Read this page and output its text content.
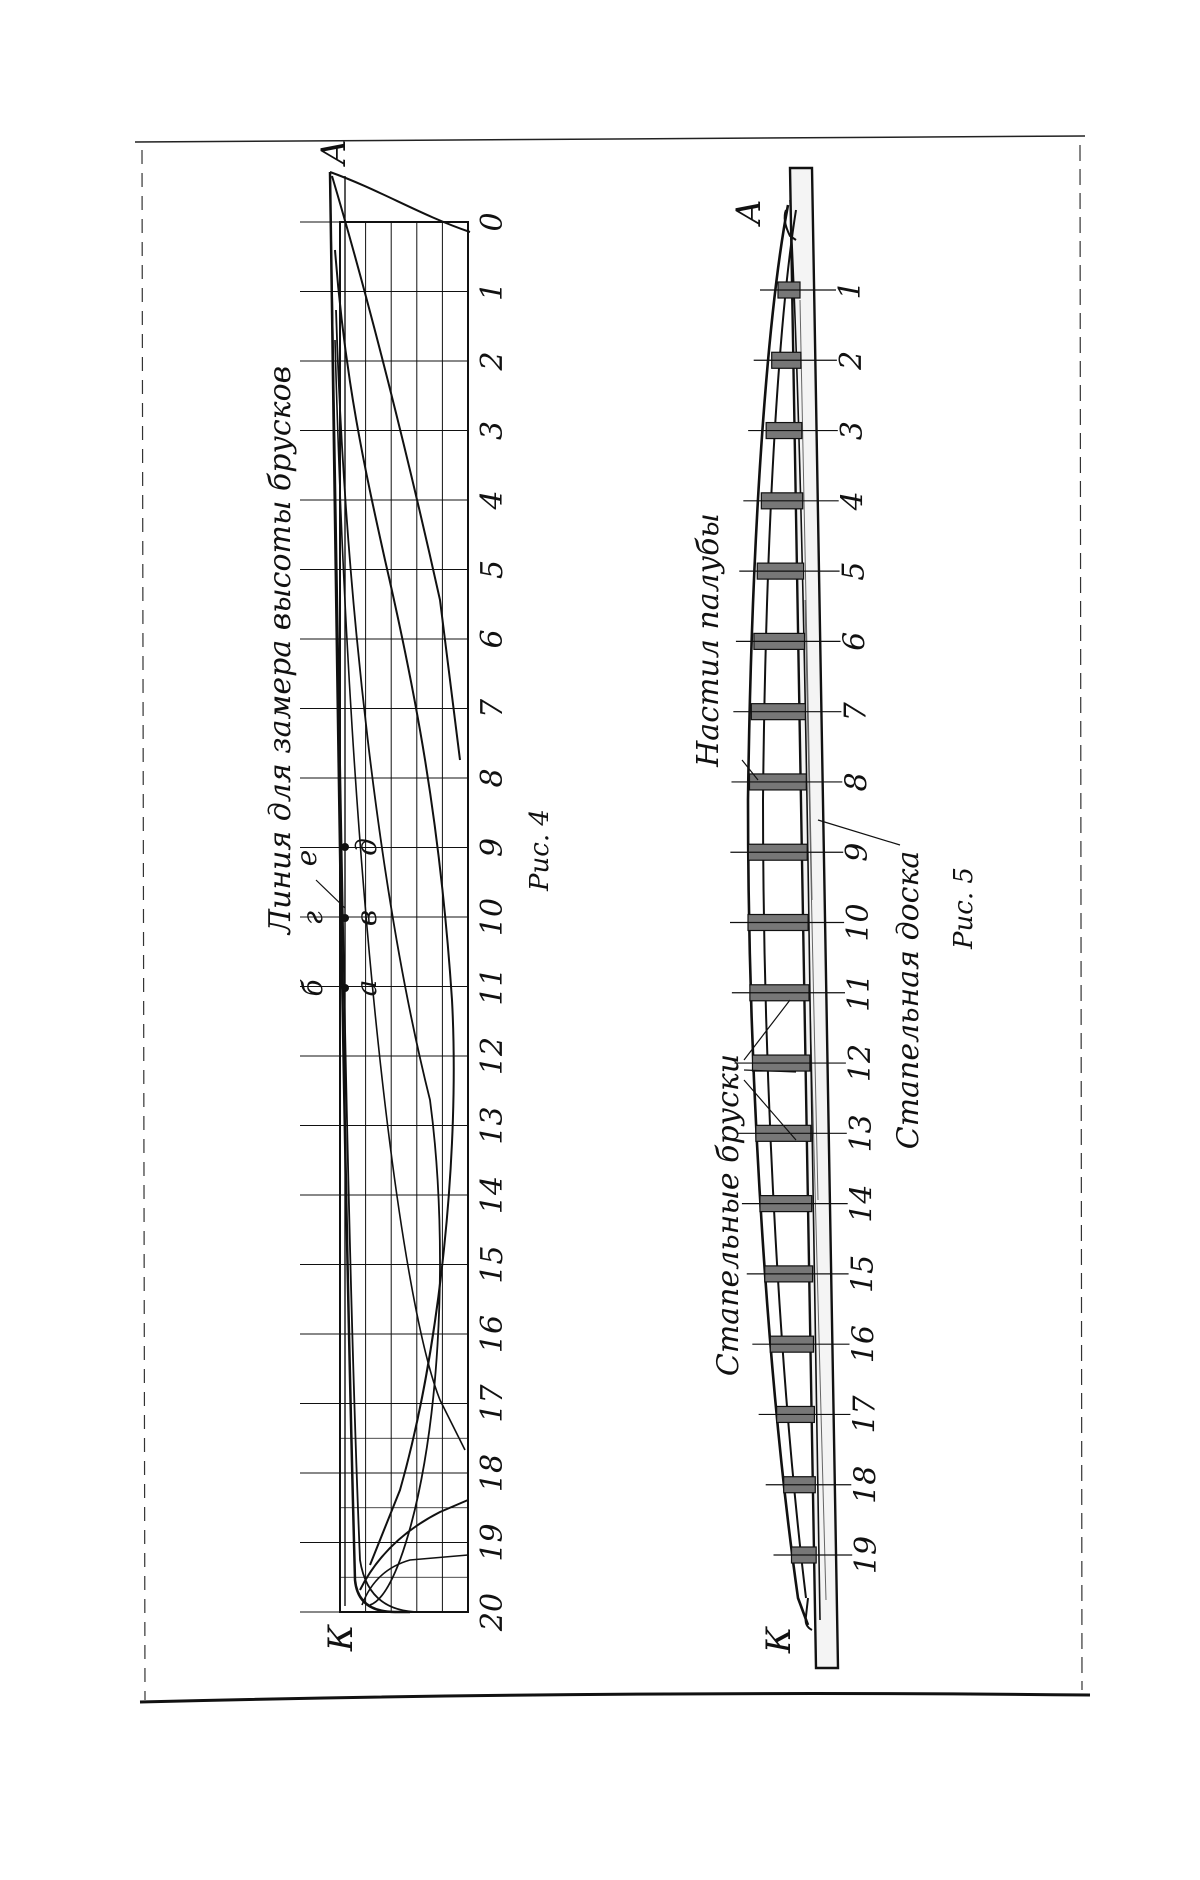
б
г
е
а
в
д
Линия для замера высоты брусков	Рис. 4
A
К
0
1
2
3
4
5
6
7
8
9
10
11
12
13
14
15
16
17
18
19
20
1
2
3
4
5
6
7
8
9
10
11
12
13
14
15
16
17
18
19
Настил палубы
Стапельная доска
Стапельные бруски
Рис. 5
A
К
